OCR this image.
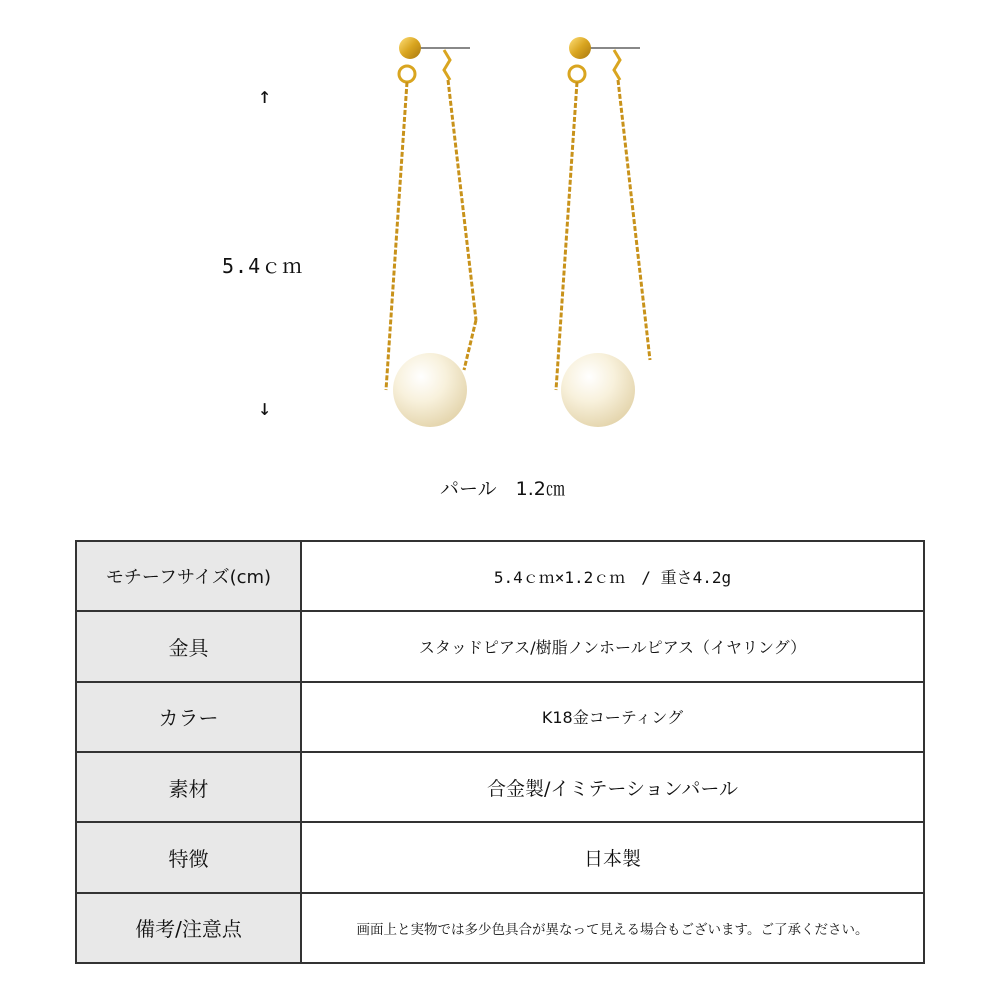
↑
5.4ｃｍ
↓
パール　1.2㎝
モチーフサイズ(cm)	5.4ｃｍ×1.2ｃｍ　/ 重さ4.2g
金具	スタッドピアス/樹脂ノンホールピアス（イヤリング）
カラー	K18金コーティング
素材	合金製/イミテーションパール
特徴	日本製
備考/注意点	画面上と実物では多少色具合が異なって見える場合もございます。ご了承ください。
